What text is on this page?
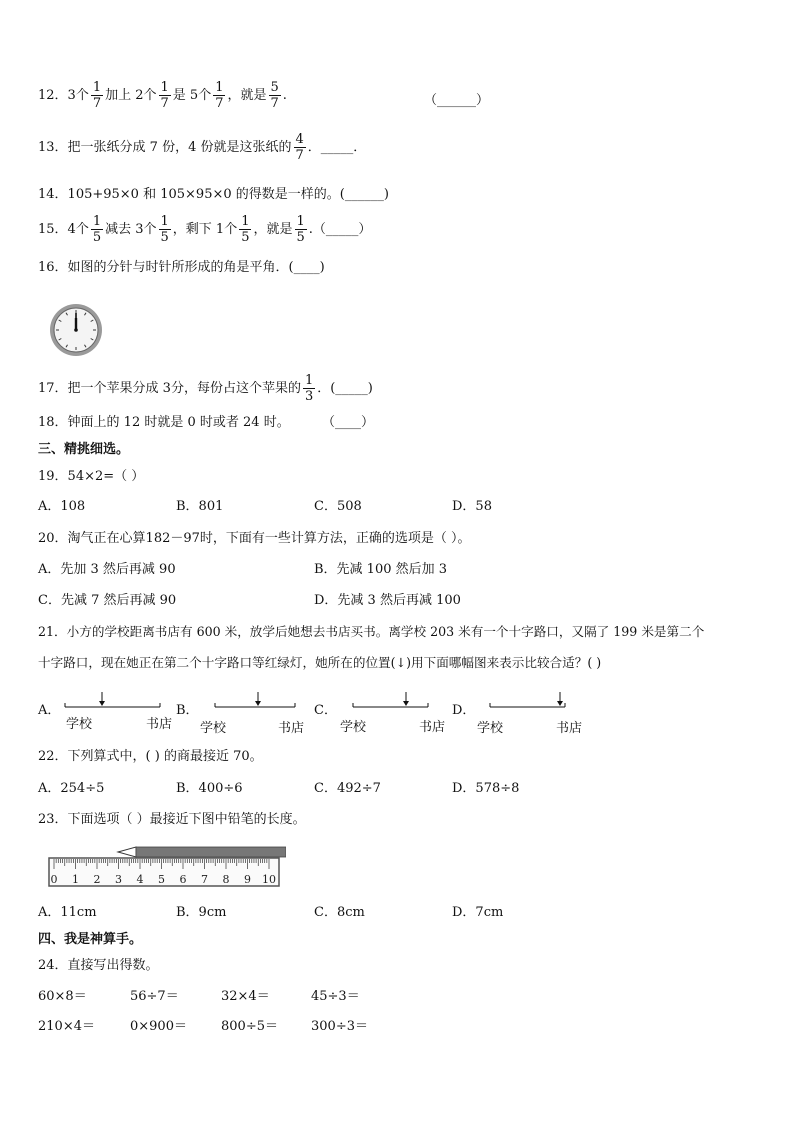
12．3个 $\frac{1}{7}$ 加上 2个 $\frac{1}{7}$ 是 5个 $\frac{1}{7}$ ，就是 $\frac{5}{7}$ .	（______）
13．把一张纸分成 7 份，4 份就是这张纸的 $\frac{4}{7}$ ．_____．
14．105+95×0 和 105×95×0 的得数是一样的。(______)
15．4个 $\frac{1}{5}$ 减去 3个 $\frac{1}{5}$ ，剩下 1个 $\frac{1}{5}$ ，就是 $\frac{1}{5}$ .（_____）
16．如图的分针与时针所形成的角是平角．(____)
17．把一个苹果分成 3分，每份占这个苹果的 $\frac{1}{3}$ ．(_____)
18．钟面上的 12 时就是 0 时或者 24 时。 （____）
三、精挑细选。
19．54×2=（ ）
A．108	B．801	C．508	D．58
20．淘气正在心算182－97时，下面有一些计算方法，正确的选项是（ ）。
A．先加 3 然后再减 90	B．先减 100 然后加 3
C．先减 7 然后再减 90	D．先减 3 然后再减 100
21．小方的学校距离书店有 600 米，放学后她想去书店买书。离学校 203 米有一个十字路口，又隔了 199 米是第二个
十字路口，现在她正在第二个十字路口等红绿灯，她所在的位置(↓)用下面哪幅图来表示比较合适？( )
A．	B．	C．	D．
学校	书店 学校	书店	学校	书店 学校	书店
22．下列算式中，( ) 的商最接近 70。
A．254÷5	B．400÷6	C．492÷7	D．578÷8
23．下面选项（ ）最接近下图中铅笔的长度。
0 1 2 3 4 5 6 7 8 9 10
A．11cm	B．9cm	C．8cm	D．7cm
四、我是神算手。
24．直接写出得数。
60×8＝	56÷7＝	32×4＝	45÷3＝
210×4＝	0×900＝	800÷5＝	300÷3＝
